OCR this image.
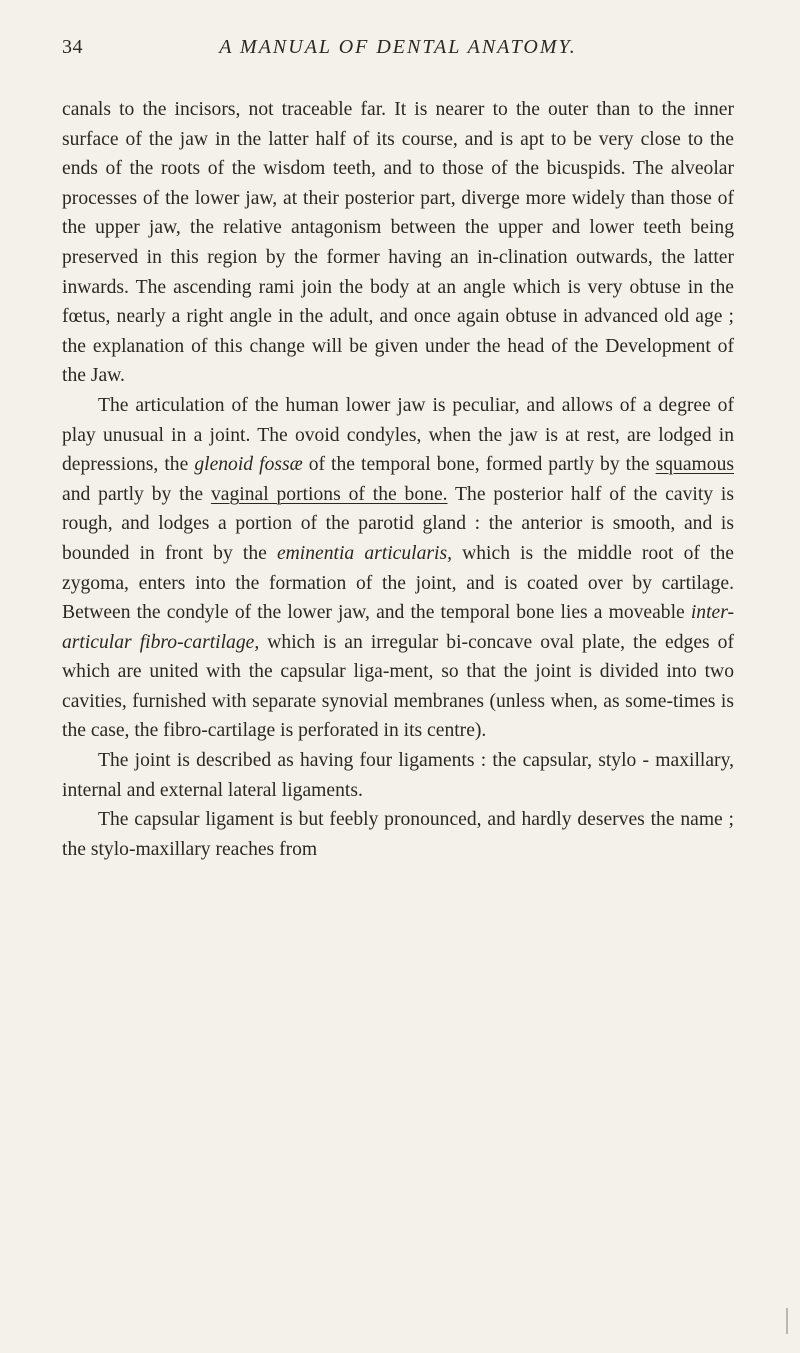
34	A MANUAL OF DENTAL ANATOMY.

canals to the incisors, not traceable far. It is nearer to the outer than to the inner surface of the jaw in the latter half of its course, and is apt to be very close to the ends of the roots of the wisdom teeth, and to those of the bicuspids. The alveolar processes of the lower jaw, at their posterior part, diverge more widely than those of the upper jaw, the relative antagonism between the upper and lower teeth being preserved in this region by the former having an in-clination outwards, the latter inwards. The ascending rami join the body at an angle which is very obtuse in the fœtus, nearly a right angle in the adult, and once again obtuse in advanced old age ; the explanation of this change will be given under the head of the Development of the Jaw.

The articulation of the human lower jaw is peculiar, and allows of a degree of play unusual in a joint. The ovoid condyles, when the jaw is at rest, are lodged in depressions, the glenoid fossæ of the temporal bone, formed partly by the squamous and partly by the vaginal portions of the bone. The posterior half of the cavity is rough, and lodges a portion of the parotid gland : the anterior is smooth, and is bounded in front by the eminentia articularis, which is the middle root of the zygoma, enters into the formation of the joint, and is coated over by cartilage. Between the condyle of the lower jaw, and the temporal bone lies a moveable inter-articular fibro-cartilage, which is an irregular bi-concave oval plate, the edges of which are united with the capsular liga-ment, so that the joint is divided into two cavities, furnished with separate synovial membranes (unless when, as some-times is the case, the fibro-cartilage is perforated in its centre).

The joint is described as having four ligaments : the capsular, stylo - maxillary, internal and external lateral ligaments.

The capsular ligament is but feebly pronounced, and hardly deserves the name ; the stylo-maxillary reaches from
